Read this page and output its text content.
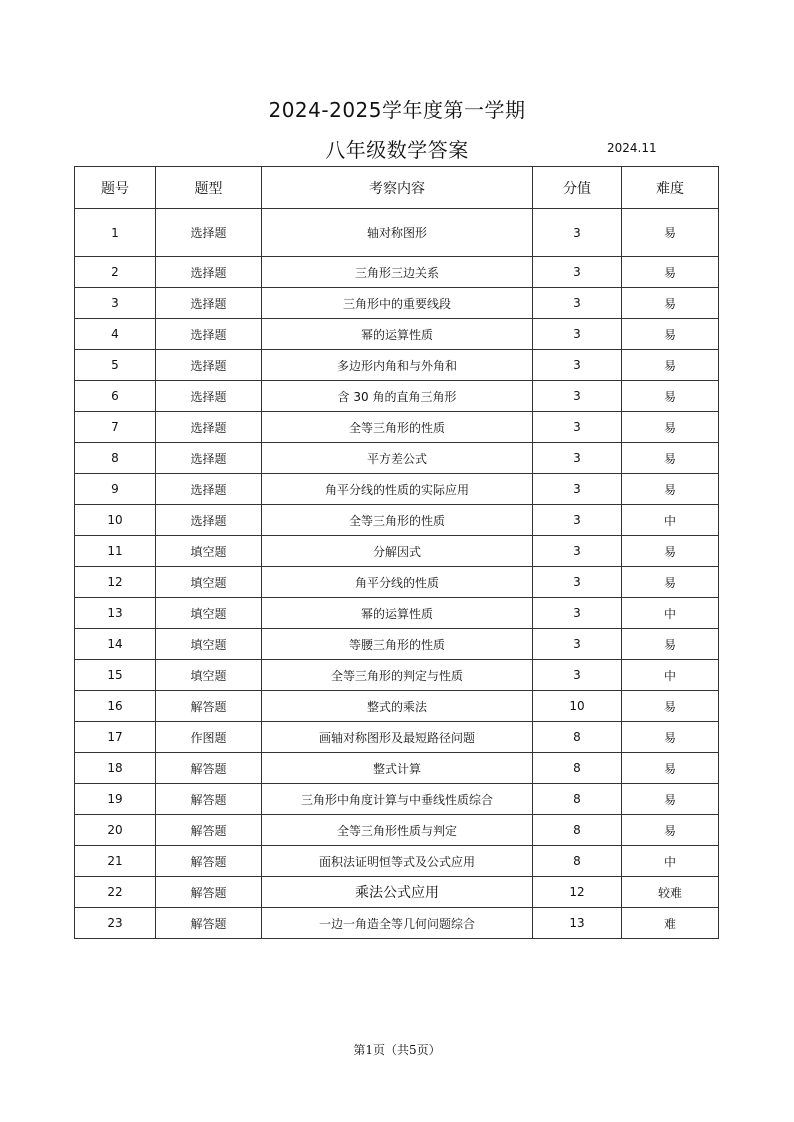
2024-2025学年度第一学期
八年级数学答案	2024.11
题号	题型	考察内容	分值	难度
1	选择题	轴对称图形	3	易
2	选择题	三角形三边关系	3	易
3	选择题	三角形中的重要线段	3	易
4	选择题	幂的运算性质	3	易
5	选择题	多边形内角和与外角和	3	易
6	选择题	含 30 角的直角三角形	3	易
7	选择题	全等三角形的性质	3	易
8	选择题	平方差公式	3	易
9	选择题	角平分线的性质的实际应用	3	易
10	选择题	全等三角形的性质	3	中
11	填空题	分解因式	3	易
12	填空题	角平分线的性质	3	易
13	填空题	幂的运算性质	3	中
14	填空题	等腰三角形的性质	3	易
15	填空题	全等三角形的判定与性质	3	中
16	解答题	整式的乘法	10	易
17	作图题	画轴对称图形及最短路径问题	8	易
18	解答题	整式计算	8	易
19	解答题	三角形中角度计算与中垂线性质综合	8	易
20	解答题	全等三角形性质与判定	8	易
21	解答题	面积法证明恒等式及公式应用	8	中
22	解答题	乘法公式应用	12	较难
23	解答题	一边一角造全等几何问题综合	13	难
第1页（共5页）
